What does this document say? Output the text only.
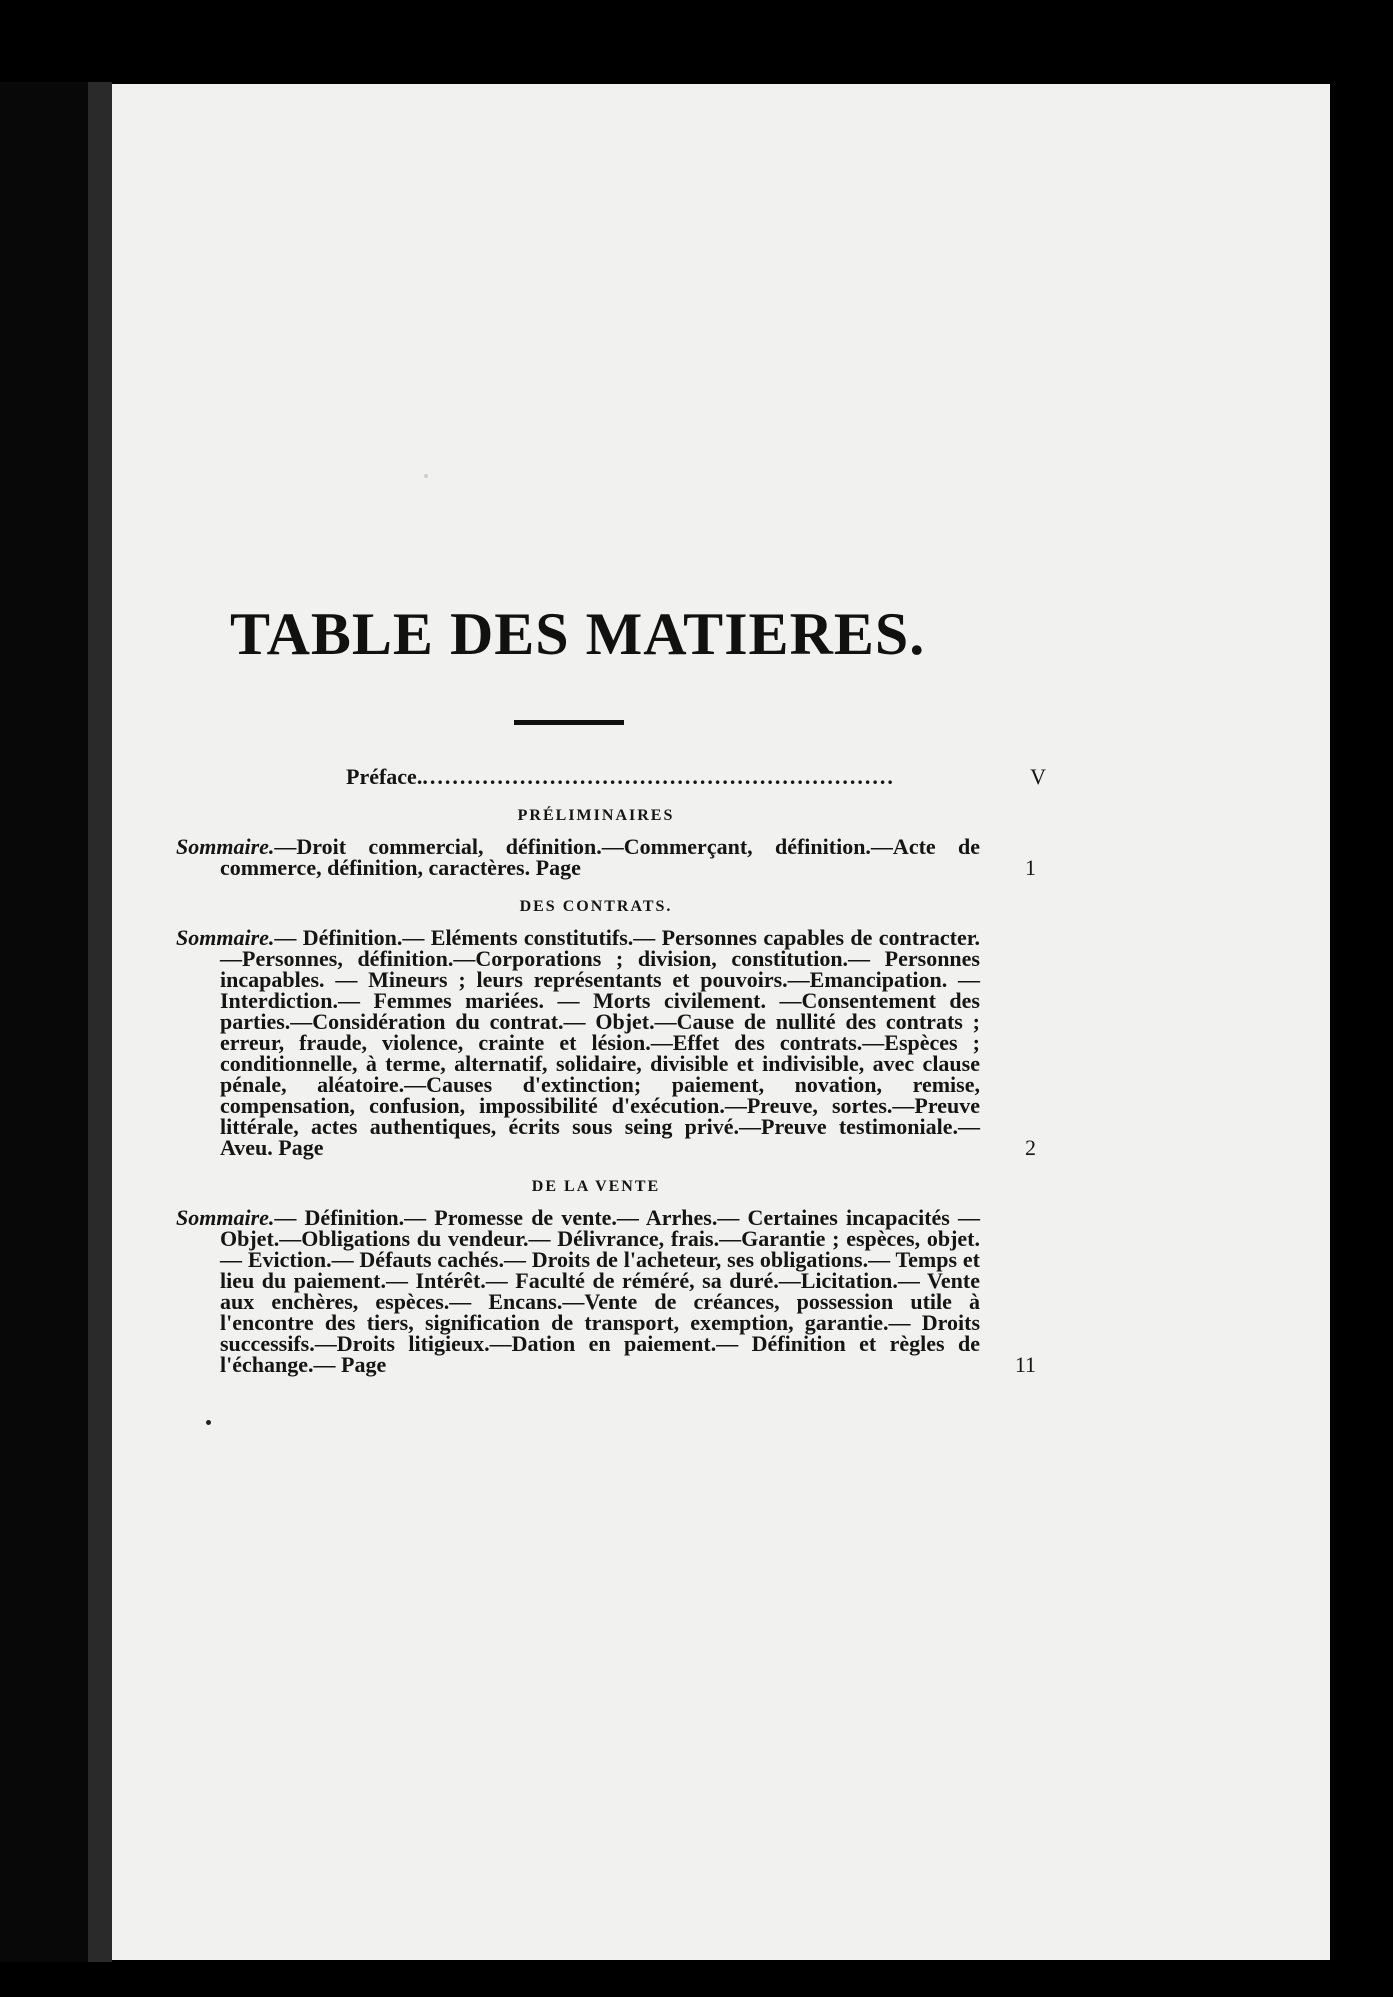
TABLE DES MATIERES.
Préface. ...............................................................	V
PRÉLIMINAIRES
Sommaire.—Droit commercial, définition.—Commerçant, définition.—Acte de commerce, définition, caractères. Page	1
DES CONTRATS.
Sommaire.— Définition.— Eléments constitutifs.— Personnes capables de contracter.—Personnes, définition.—Corporations ; division, constitution.— Personnes incapables. — Mineurs ; leurs représentants et pouvoirs.—Emancipation. — Interdiction.— Femmes mariées. — Morts civilement. —Consentement des parties.—Considération du contrat.— Objet.—Cause de nullité des contrats ; erreur, fraude, violence, crainte et lésion.—Effet des contrats.—Espèces ; conditionnelle, à terme, alternatif, solidaire, divisible et indivisible, avec clause pénale, aléatoire.—Causes d'extinction; paiement, novation, remise, compensation, confusion, impossibilité d'exécution.—Preuve, sortes.—Preuve littérale, actes authentiques, écrits sous seing privé.—Preuve testimoniale.—Aveu. Page	2
DE LA VENTE
Sommaire.— Définition.— Promesse de vente.— Arrhes.— Certaines incapacités —Objet.—Obligations du vendeur.— Délivrance, frais.—Garantie ; espèces, objet.— Eviction.— Défauts cachés.— Droits de l'acheteur, ses obligations.— Temps et lieu du paiement.— Intérêt.— Faculté de réméré, sa duré.—Licitation.— Vente aux enchères, espèces.— Encans.—Vente de créances, possession utile à l'encontre des tiers, signification de transport, exemption, garantie.— Droits successifs.—Droits litigieux.—Dation en paiement.— Définition et règles de l'échange.— Page	11
